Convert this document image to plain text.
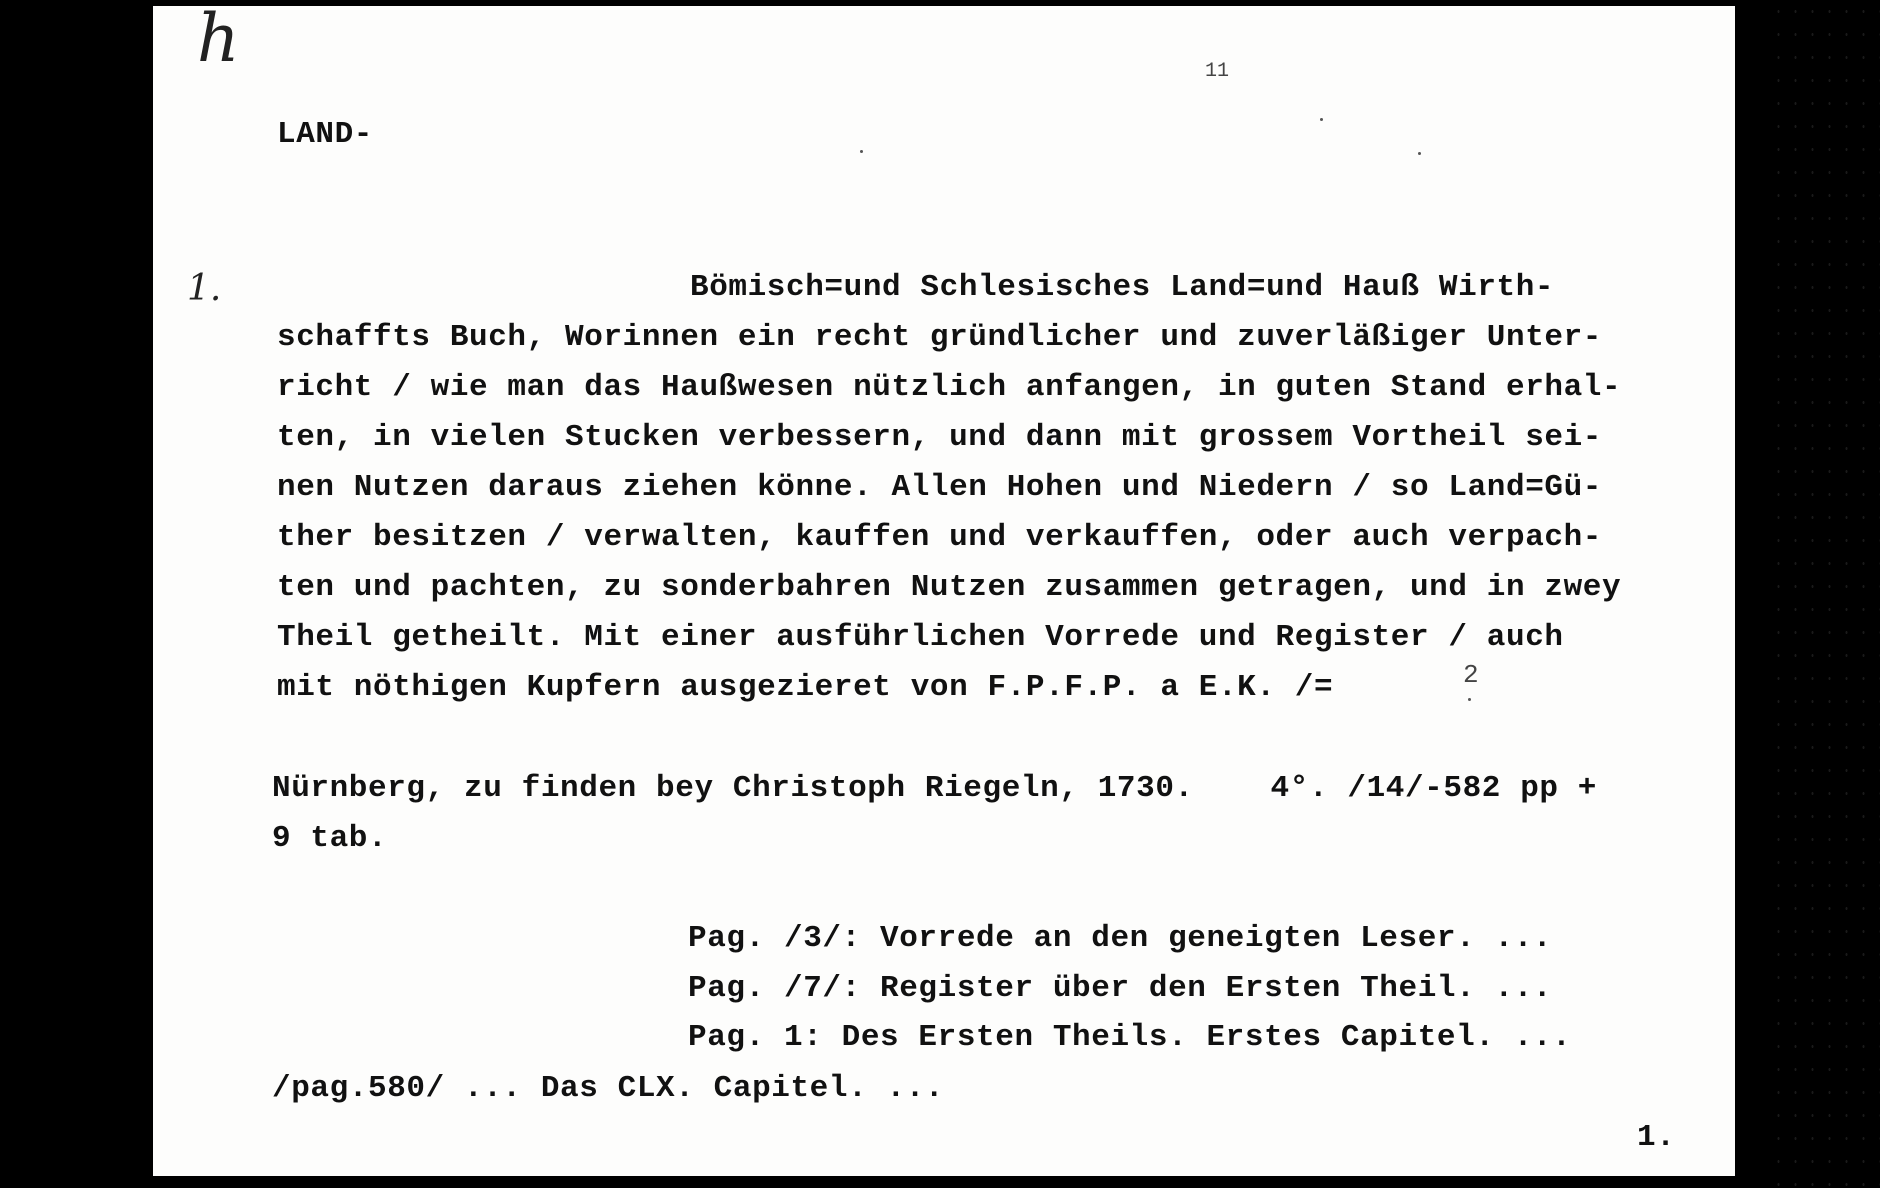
h
1.
11
2
LAND-
Bömisch=und Schlesisches Land=und Hauß Wirth-
schaffts Buch, Worinnen ein recht gründlicher und zuverläßiger Unter-
richt / wie man das Haußwesen nützlich anfangen, in guten Stand erhal-
ten, in vielen Stucken verbessern, und dann mit grossem Vortheil sei-
nen Nutzen daraus ziehen könne. Allen Hohen und Niedern / so Land=Gü-
ther besitzen / verwalten, kauffen und verkauffen, oder auch verpach-
ten und pachten, zu sonderbahren Nutzen zusammen getragen, und in zwey
Theil getheilt. Mit einer ausführlichen Vorrede und Register / auch
mit nöthigen Kupfern ausgezieret von F.P.F.P. a E.K. /=
Nürnberg, zu finden bey Christoph Riegeln, 1730.    4°. /14/-582 pp +
9 tab.
Pag. /3/: Vorrede an den geneigten Leser. ...
Pag. /7/: Register über den Ersten Theil. ...
Pag. 1: Des Ersten Theils. Erstes Capitel. ...
/pag.580/ ... Das CLX. Capitel. ...
1.
